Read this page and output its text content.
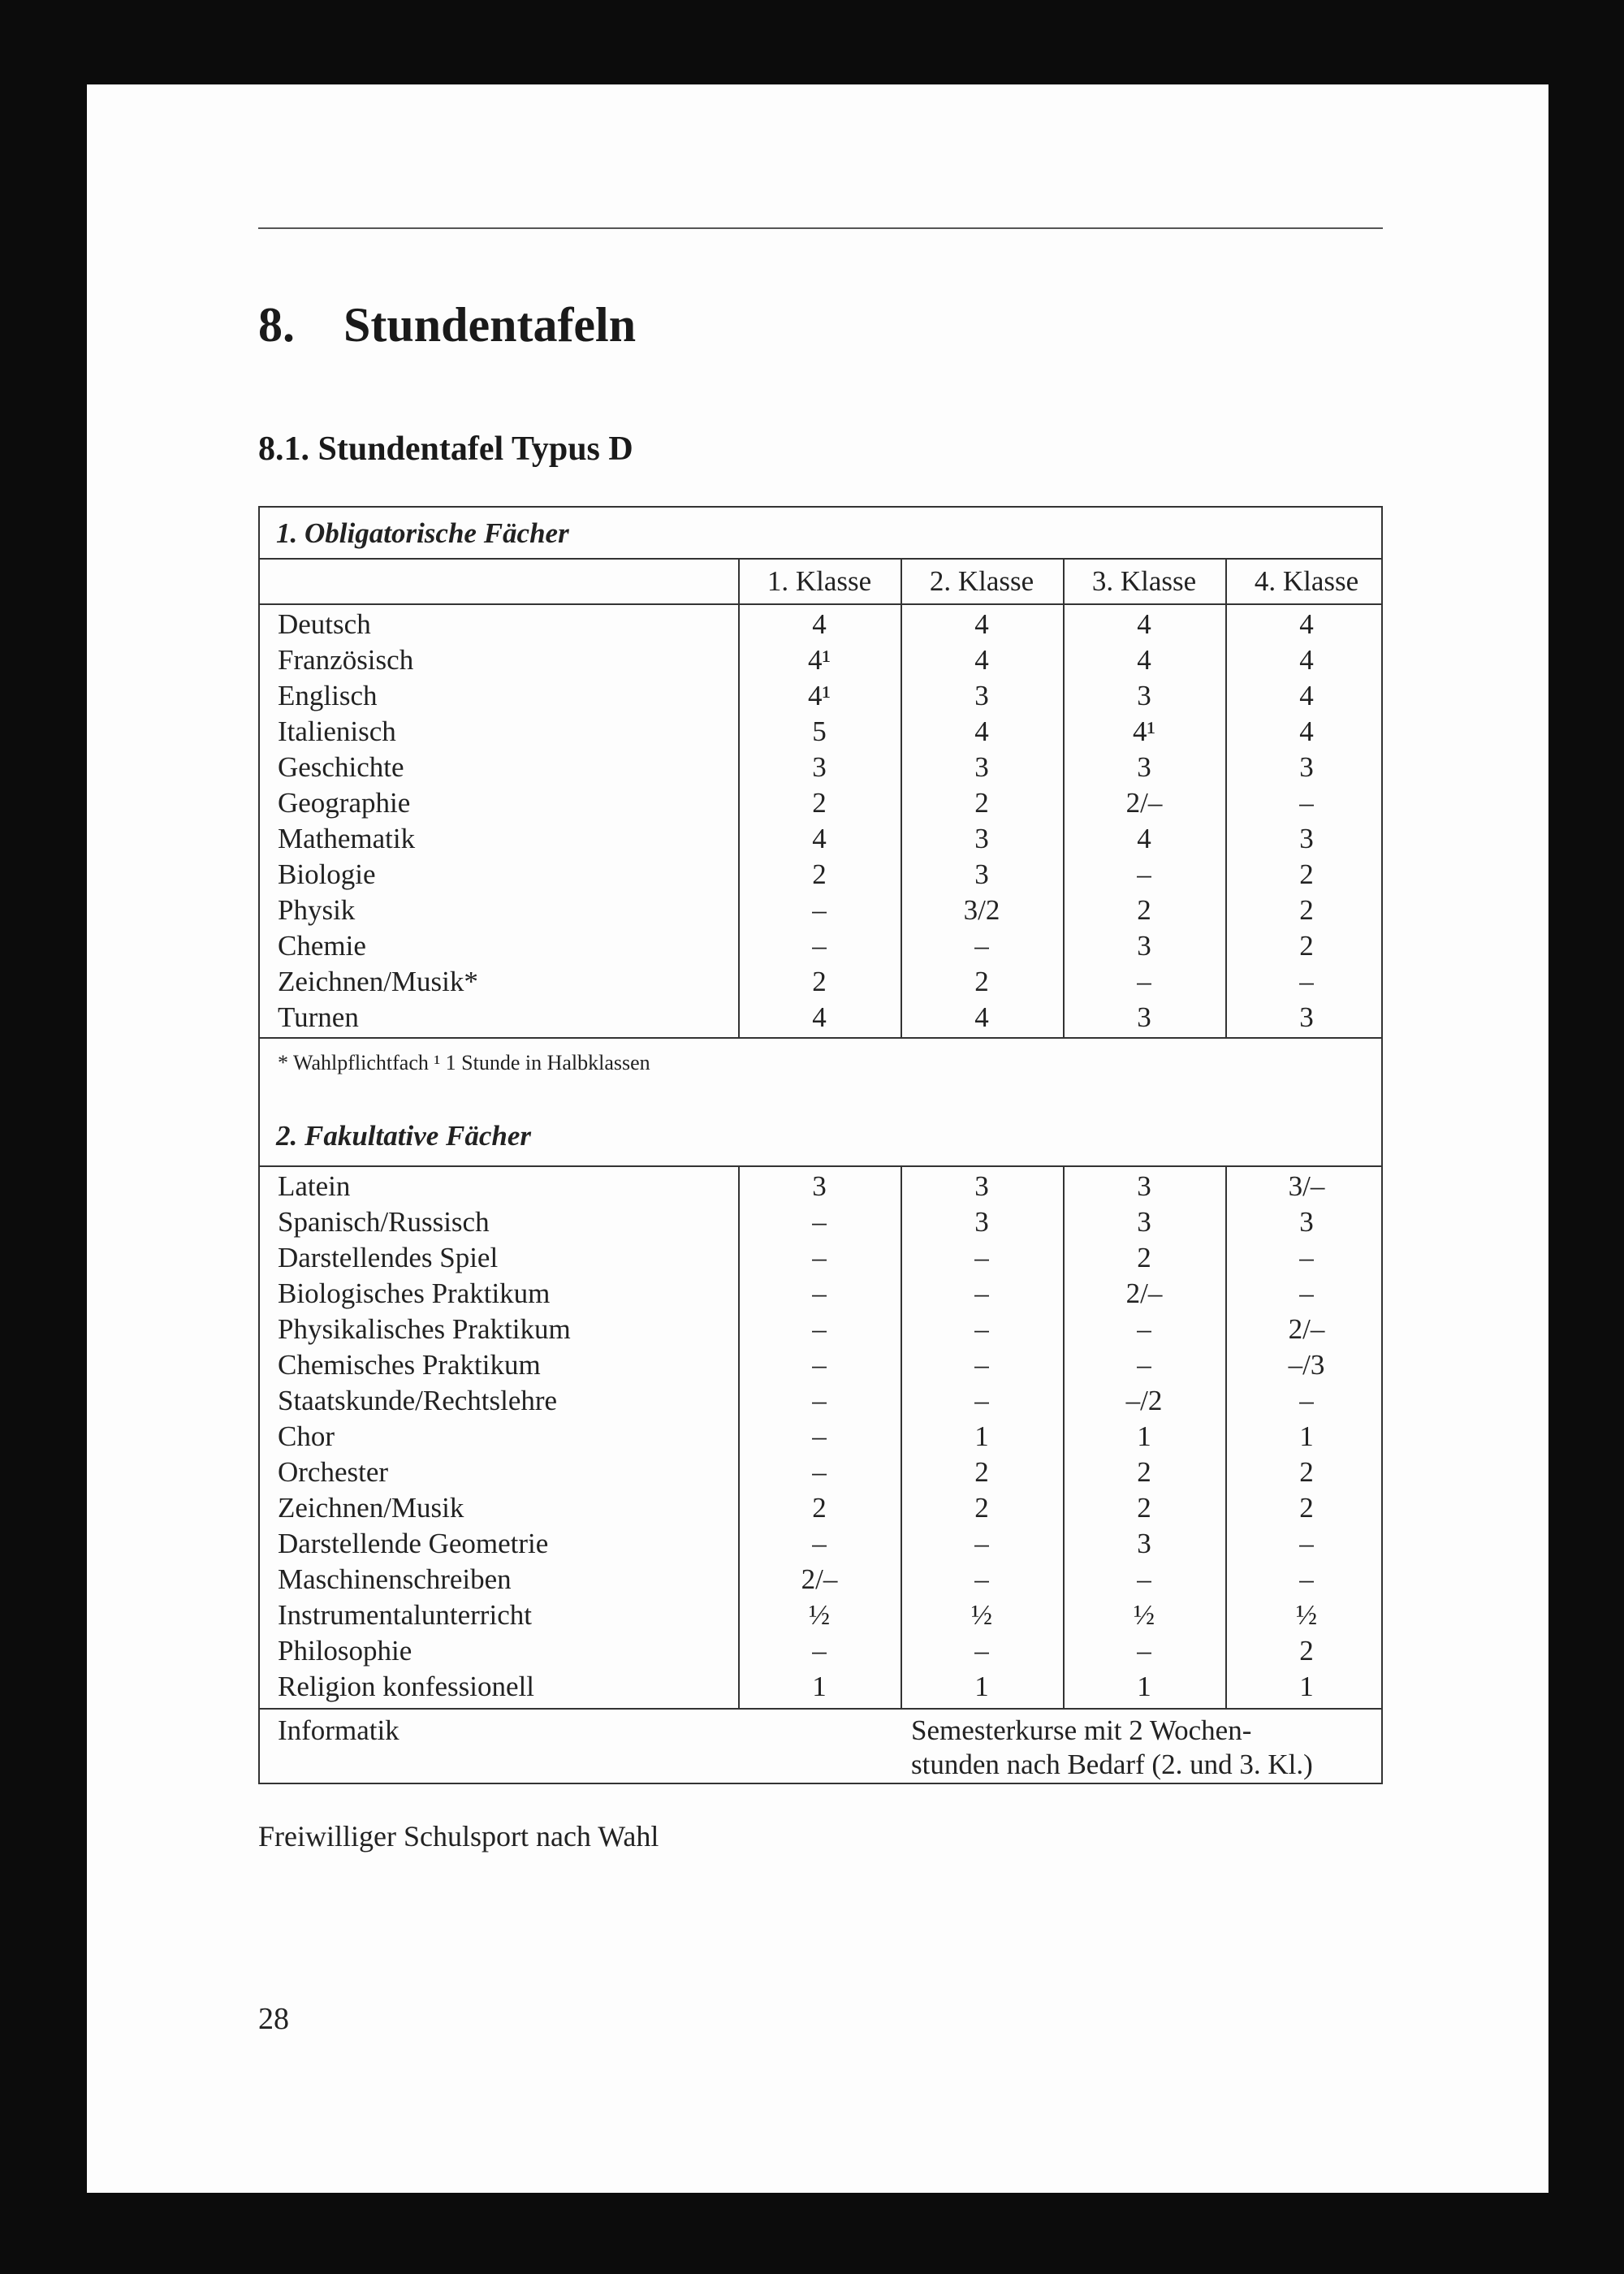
8. Stundentafeln
8.1. Stundentafel Typus D
1. Obligatorische Fächer
1. Klasse	2. Klasse	3. Klasse	4. Klasse
Deutsch	4	4	4	4
Französisch	4¹	4	4	4
Englisch	4¹	3	3	4
Italienisch	5	4	4¹	4
Geschichte	3	3	3	3
Geographie	2	2	2/–	–
Mathematik	4	3	4	3
Biologie	2	3	–	2
Physik	–	3/2	2	2
Chemie	–	–	3	2
Zeichnen/Musik*	2	2	–	–
Turnen	4	4	3	3
* Wahlpflichtfach ¹ 1 Stunde in Halbklassen
2. Fakultative Fächer
Latein	3	3	3	3/–
Spanisch/Russisch	–	3	3	3
Darstellendes Spiel	–	–	2	–
Biologisches Praktikum	–	–	2/–	–
Physikalisches Praktikum	–	–	–	2/–
Chemisches Praktikum	–	–	–	–/3
Staatskunde/Rechtslehre	–	–	–/2	–
Chor	–	1	1	1
Orchester	–	2	2	2
Zeichnen/Musik	2	2	2	2
Darstellende Geometrie	–	–	3	–
Maschinenschreiben	2/–	–	–	–
Instrumentalunterricht	½	½	½	½
Philosophie	–	–	–	2
Religion konfessionell	1	1	1	1
Informatik	Semesterkurse mit 2 Wochen-
stunden nach Bedarf (2. und 3. Kl.)
Freiwilliger Schulsport nach Wahl
28
